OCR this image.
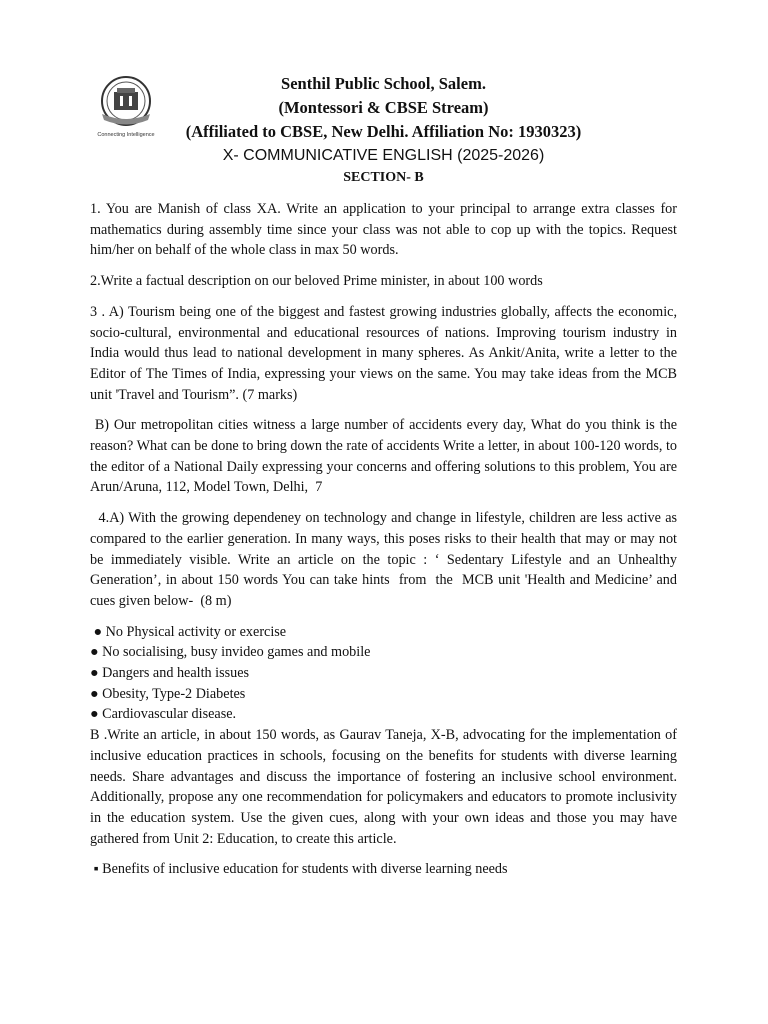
Connecting Intelligence
Senthil Public School, Salem.
(Montessori & CBSE Stream)
(Affiliated to CBSE, New Delhi. Affiliation No: 1930323)
X- COMMUNICATIVE ENGLISH (2025-2026)
SECTION- B

1. You are Manish of class XA. Write an application to your principal to arrange extra classes for mathematics during assembly time since your class was not able to cop up with the topics. Request him/her on behalf of the whole class in max 50 words.

2.Write a factual description on our beloved Prime minister, in about 100 words

3 . A) Tourism being one of the biggest and fastest growing industries globally, affects the economic, socio-cultural, environmental and educational resources of nations. Improving tourism industry in India would thus lead to national development in many spheres. As Ankit/Anita, write a letter to the Editor of The Times of India, expressing your views on the same. You may take ideas from the MCB unit 'Travel and Tourism”. (7 marks)

B) Our metropolitan cities witness a large number of accidents every day, What do you think is the reason? What can be done to bring down the rate of accidents Write a letter, in about 100-120 words, to the editor of a National Daily expressing your concerns and offering solutions to this problem, You are Arun/Aruna, 112, Model Town, Delhi,  7

4.A) With the growing dependeney on technology and change in lifestyle, children are less active as compared to the earlier generation. In many ways, this poses risks to their health that may or may not be immediately visible. Write an article on the topic : ‘ Sedentary Lifestyle and an Unhealthy Generation’, in about 150 words You can take hints  from  the  MCB unit 'Health and Medicine’ and cues given below-  (8 m)

● No Physical activity or exercise
● No socialising, busy invideo games and mobile
● Dangers and health issues
● Obesity, Type-2 Diabetes
● Cardiovascular disease.

B .Write an article, in about 150 words, as Gaurav Taneja, X-B, advocating for the implementation of inclusive education practices in schools, focusing on the benefits for students with diverse learning needs. Share advantages and discuss the importance of fostering an inclusive school environment. Additionally, propose any one recommendation for policymakers and educators to promote inclusivity in the education system. Use the given cues, along with your own ideas and those you may have gathered from Unit 2: Education, to create this article.

▪ Benefits of inclusive education for students with diverse learning needs
